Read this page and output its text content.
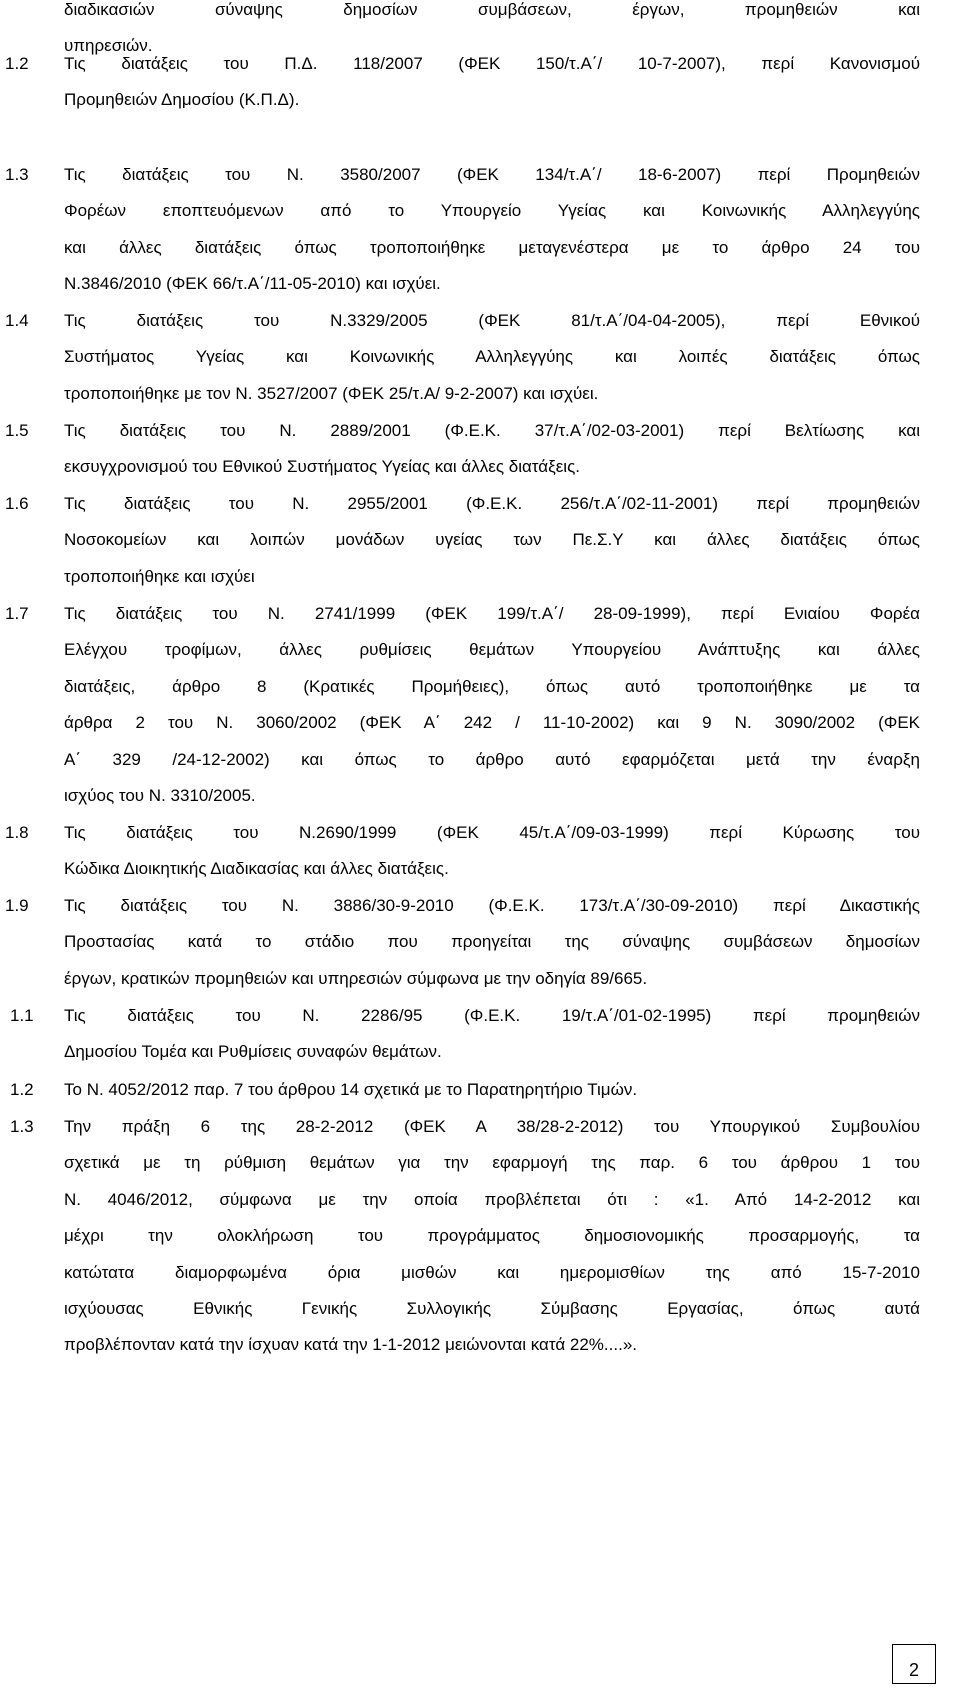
διαδικασιών σύναψης δημοσίων συμβάσεων, έργων, προμηθειών και
υπηρεσιών.
1.2	Τις διατάξεις του Π.Δ. 118/2007 (ΦΕΚ 150/τ.Α΄/ 10-7-2007), περί Κανονισμού
Προμηθειών Δημοσίου (Κ.Π.Δ).
1.3	Τις διατάξεις του Ν. 3580/2007 (ΦΕΚ 134/τ.Α΄/ 18-6-2007) περί Προμηθειών
Φορέων εποπτευόμενων από το Υπουργείο Υγείας και Κοινωνικής Αλληλεγγύης
και άλλες διατάξεις όπως τροποποιήθηκε μεταγενέστερα με το άρθρο 24 του
Ν.3846/2010 (ΦΕΚ 66/τ.Α΄/11-05-2010) και ισχύει.
1.4	Τις διατάξεις του Ν.3329/2005 (ΦΕΚ 81/τ.Α΄/04-04-2005), περί Εθνικού
Συστήματος Υγείας και Κοινωνικής Αλληλεγγύης και λοιπές διατάξεις όπως
τροποποιήθηκε με τον Ν. 3527/2007 (ΦΕΚ 25/τ.Α/ 9-2-2007) και ισχύει.
1.5	Τις διατάξεις του Ν. 2889/2001 (Φ.Ε.Κ. 37/τ.Α΄/02-03-2001) περί Βελτίωσης και
εκσυγχρονισμού του Εθνικού Συστήματος Υγείας και άλλες διατάξεις.
1.6	Τις διατάξεις του Ν. 2955/2001 (Φ.Ε.Κ. 256/τ.Α΄/02-11-2001) περί προμηθειών
Νοσοκομείων και λοιπών μονάδων υγείας των Πε.Σ.Υ και άλλες διατάξεις όπως
τροποποιήθηκε και ισχύει
1.7	Τις διατάξεις του Ν. 2741/1999 (ΦΕΚ 199/τ.Α΄/ 28-09-1999), περί Ενιαίου Φορέα
Ελέγχου τροφίμων, άλλες ρυθμίσεις θεμάτων Υπουργείου Ανάπτυξης και άλλες
διατάξεις, άρθρο 8 (Κρατικές Προμήθειες), όπως αυτό τροποποιήθηκε με τα
άρθρα 2 του Ν. 3060/2002 (ΦΕΚ Α΄ 242 / 11-10-2002) και 9 Ν. 3090/2002 (ΦΕΚ
Α΄ 329 /24-12-2002) και όπως το άρθρο αυτό εφαρμόζεται μετά την έναρξη
ισχύος του Ν. 3310/2005.
1.8	Τις διατάξεις του Ν.2690/1999 (ΦΕΚ 45/τ.Α΄/09-03-1999) περί Κύρωσης του
Κώδικα Διοικητικής Διαδικασίας και άλλες διατάξεις.
1.9	Τις διατάξεις του Ν. 3886/30-9-2010 (Φ.Ε.Κ. 173/τ.Α΄/30-09-2010) περί Δικαστικής
Προστασίας κατά το στάδιο που προηγείται της σύναψης συμβάσεων δημοσίων
έργων, κρατικών προμηθειών και υπηρεσιών σύμφωνα με την οδηγία 89/665.
1.1	Τις διατάξεις του Ν. 2286/95 (Φ.Ε.Κ. 19/τ.Α΄/01-02-1995) περί προμηθειών
Δημοσίου Τομέα και Ρυθμίσεις συναφών θεμάτων.
1.2	Το Ν. 4052/2012 παρ. 7 του άρθρου 14 σχετικά με το Παρατηρητήριο Τιμών.
1.3	Την πράξη 6 της 28-2-2012 (ΦΕΚ Α 38/28-2-2012) του Υπουργικού Συμβουλίου
σχετικά με τη ρύθμιση θεμάτων για την εφαρμογή της παρ. 6 του άρθρου 1 του
Ν. 4046/2012, σύμφωνα με την οποία προβλέπεται ότι : «1. Από 14-2-2012 και
μέχρι την ολοκλήρωση του προγράμματος δημοσιονομικής προσαρμογής, τα
κατώτατα διαμορφωμένα όρια μισθών και ημερομισθίων της από 15-7-2010
ισχύουσας Εθνικής Γενικής Συλλογικής Σύμβασης Εργασίας, όπως αυτά
προβλέπονταν κατά την ίσχυαν κατά την 1-1-2012 μειώνονται κατά 22%....».
2
